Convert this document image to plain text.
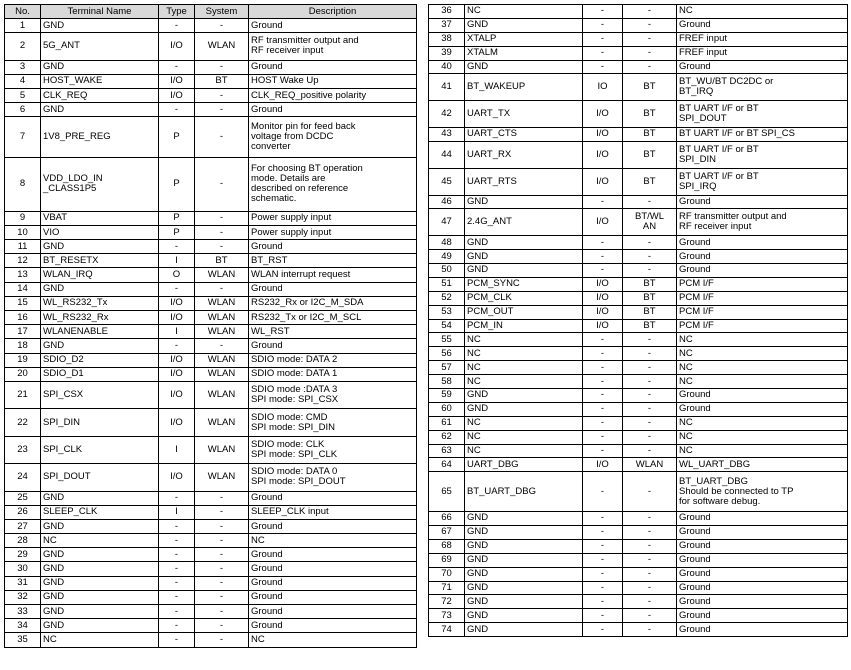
No.	Terminal Name	Type	System	Description
1	GND	-	-	Ground
2	5G_ANT	I/O	WLAN	RF transmitter output and
RF receiver input
3	GND	-	-	Ground
4	HOST_WAKE	I/O	BT	HOST Wake Up
5	CLK_REQ	I/O	-	CLK_REQ_positive polarity
6	GND	-	-	Ground
7	1V8_PRE_REG	P	-	Monitor pin for feed back
voltage from DCDC
converter
8	VDD_LDO_IN
_CLASS1P5	P	-	For choosing BT operation
mode. Details are
described on reference
schematic.
9	VBAT	P	-	Power supply input
10	VIO	P	-	Power supply input
11	GND	-	-	Ground
12	BT_RESETX	I	BT	BT_RST
13	WLAN_IRQ	O	WLAN	WLAN interrupt request
14	GND	-	-	Ground
15	WL_RS232_Tx	I/O	WLAN	RS232_Rx or I2C_M_SDA
16	WL_RS232_Rx	I/O	WLAN	RS232_Tx or I2C_M_SCL
17	WLANENABLE	I	WLAN	WL_RST
18	GND	-	-	Ground
19	SDIO_D2	I/O	WLAN	SDIO mode: DATA 2
20	SDIO_D1	I/O	WLAN	SDIO mode: DATA 1
21	SPI_CSX	I/O	WLAN	SDIO mode :DATA 3
SPI mode: SPI_CSX
22	SPI_DIN	I/O	WLAN	SDIO mode: CMD
SPI mode: SPI_DIN
23	SPI_CLK	I	WLAN	SDIO mode: CLK
SPI mode: SPI_CLK
24	SPI_DOUT	I/O	WLAN	SDIO mode: DATA 0
SPI mode: SPI_DOUT
25	GND	-	-	Ground
26	SLEEP_CLK	I	-	SLEEP_CLK input
27	GND	-	-	Ground
28	NC	-	-	NC
29	GND	-	-	Ground
30	GND	-	-	Ground
31	GND	-	-	Ground
32	GND	-	-	Ground
33	GND	-	-	Ground
34	GND	-	-	Ground
35	NC	-	-	NC
36	NC	-	-	NC
37	GND	-	-	Ground
38	XTALP	-	-	FREF input
39	XTALM	-	-	FREF input
40	GND	-	-	Ground
41	BT_WAKEUP	IO	BT	BT_WU/BT DC2DC or
BT_IRQ
42	UART_TX	I/O	BT	BT UART I/F or BT
SPI_DOUT
43	UART_CTS	I/O	BT	BT UART I/F or BT SPI_CS
44	UART_RX	I/O	BT	BT UART I/F or BT
SPI_DIN
45	UART_RTS	I/O	BT	BT UART I/F or BT
SPI_IRQ
46	GND	-	-	Ground
47	2.4G_ANT	I/O	BT/WL
AN	RF transmitter output and
RF receiver input
48	GND	-	-	Ground
49	GND	-	-	Ground
50	GND	-	-	Ground
51	PCM_SYNC	I/O	BT	PCM I/F
52	PCM_CLK	I/O	BT	PCM I/F
53	PCM_OUT	I/O	BT	PCM I/F
54	PCM_IN	I/O	BT	PCM I/F
55	NC	-	-	NC
56	NC	-	-	NC
57	NC	-	-	NC
58	NC	-	-	NC
59	GND	-	-	Ground
60	GND	-	-	Ground
61	NC	-	-	NC
62	NC	-	-	NC
63	NC	-	-	NC
64	UART_DBG	I/O	WLAN	WL_UART_DBG
65	BT_UART_DBG	-	-	BT_UART_DBG
Should be connected to TP
for software debug.
66	GND	-	-	Ground
67	GND	-	-	Ground
68	GND	-	-	Ground
69	GND	-	-	Ground
70	GND	-	-	Ground
71	GND	-	-	Ground
72	GND	-	-	Ground
73	GND	-	-	Ground
74	GND	-	-	Ground
